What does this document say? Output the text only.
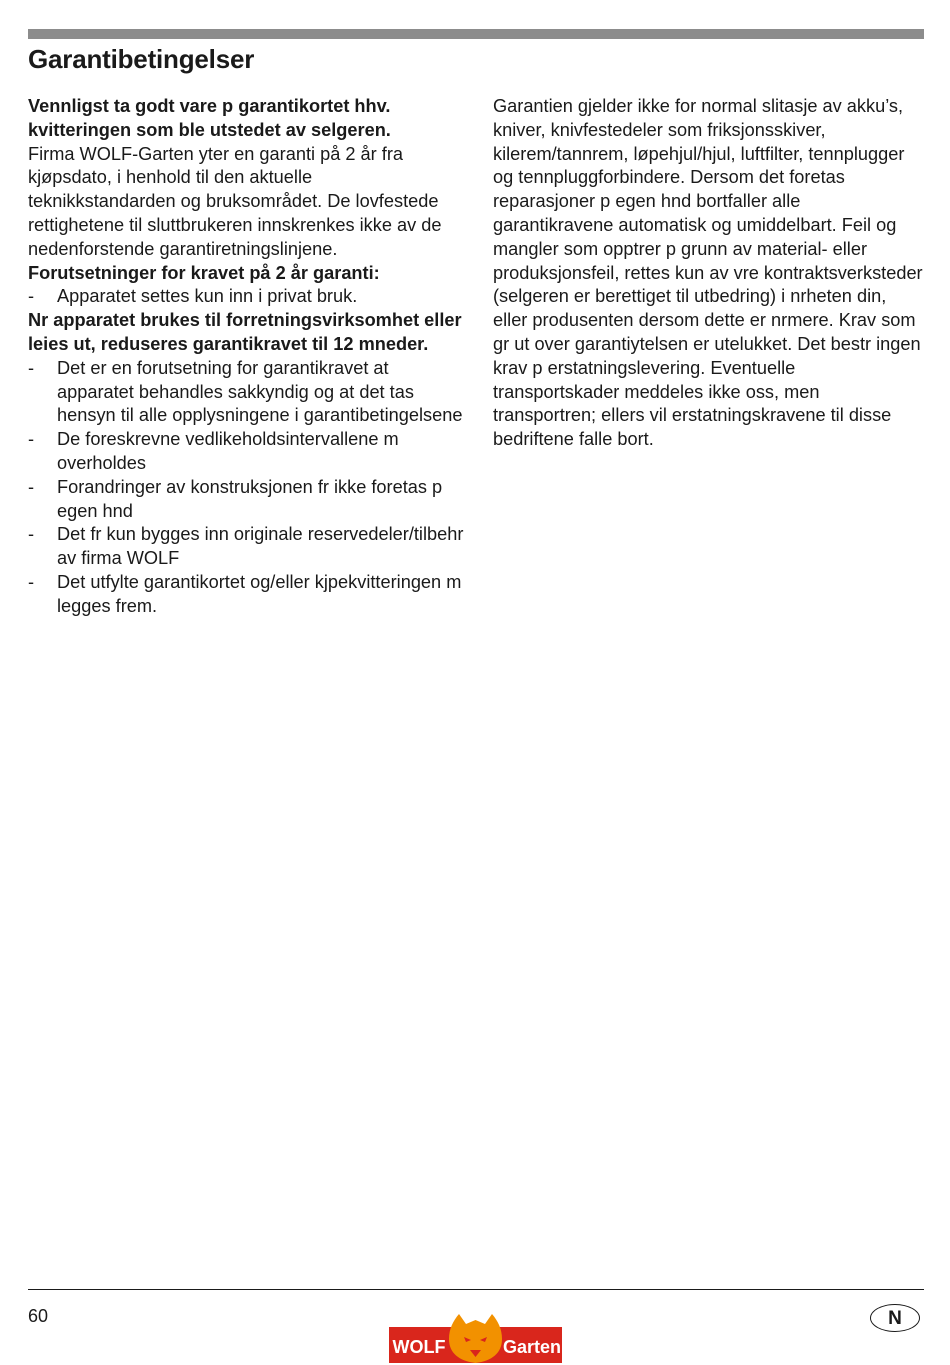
Garantibetingelser

Vennligst ta godt vare p garantikortet hhv. kvitteringen som ble utstedet av selgeren.

Firma WOLF-Garten yter en garanti på 2 år fra kjøpsdato, i henhold til den aktuelle teknikkstandarden og bruksområdet. De lovfestede rettighetene til sluttbrukeren innskrenkes ikke av de nedenforstende garantiretningslinjene.

Forutsetninger for kravet på 2 år garanti:

- Apparatet settes kun inn i privat bruk.

Nr apparatet brukes til forretningsvirksomhet eller leies ut, reduseres garantikravet til 12 mneder.

- Det er en forutsetning for garantikravet at apparatet behandles sakkyndig og at det tas hensyn til alle opplysningene i garantibetingelsene
- De foreskrevne vedlikeholdsintervallene m overholdes
- Forandringer av konstruksjonen fr ikke foretas p egen hnd
- Det fr kun bygges inn originale reservedeler/tilbehr av firma WOLF
- Det utfylte garantikortet og/eller kjpekvitteringen m legges frem.

Garantien gjelder ikke for normal slitasje av akku’s, kniver, knivfestedeler som friksjonsskiver, kilerem/tannrem, løpehjul/hjul, luftfilter, tennplugger og tennpluggforbindere. Dersom det foretas reparasjoner p egen hnd bortfaller alle garantikravene automatisk og umiddelbart. Feil og mangler som opptrer p grunn av material- eller produksjonsfeil, rettes kun av vre kontraktsverksteder (selgeren er berettiget til utbedring) i nrheten din, eller produsenten dersom dette er nrmere. Krav som gr ut over garantiytelsen er utelukket. Det bestr ingen krav p erstatningslevering. Eventuelle transportskader meddeles ikke oss, men transportren; ellers vil erstatningskravene til disse bedriftene falle bort.

60	N
WOLF	Garten
